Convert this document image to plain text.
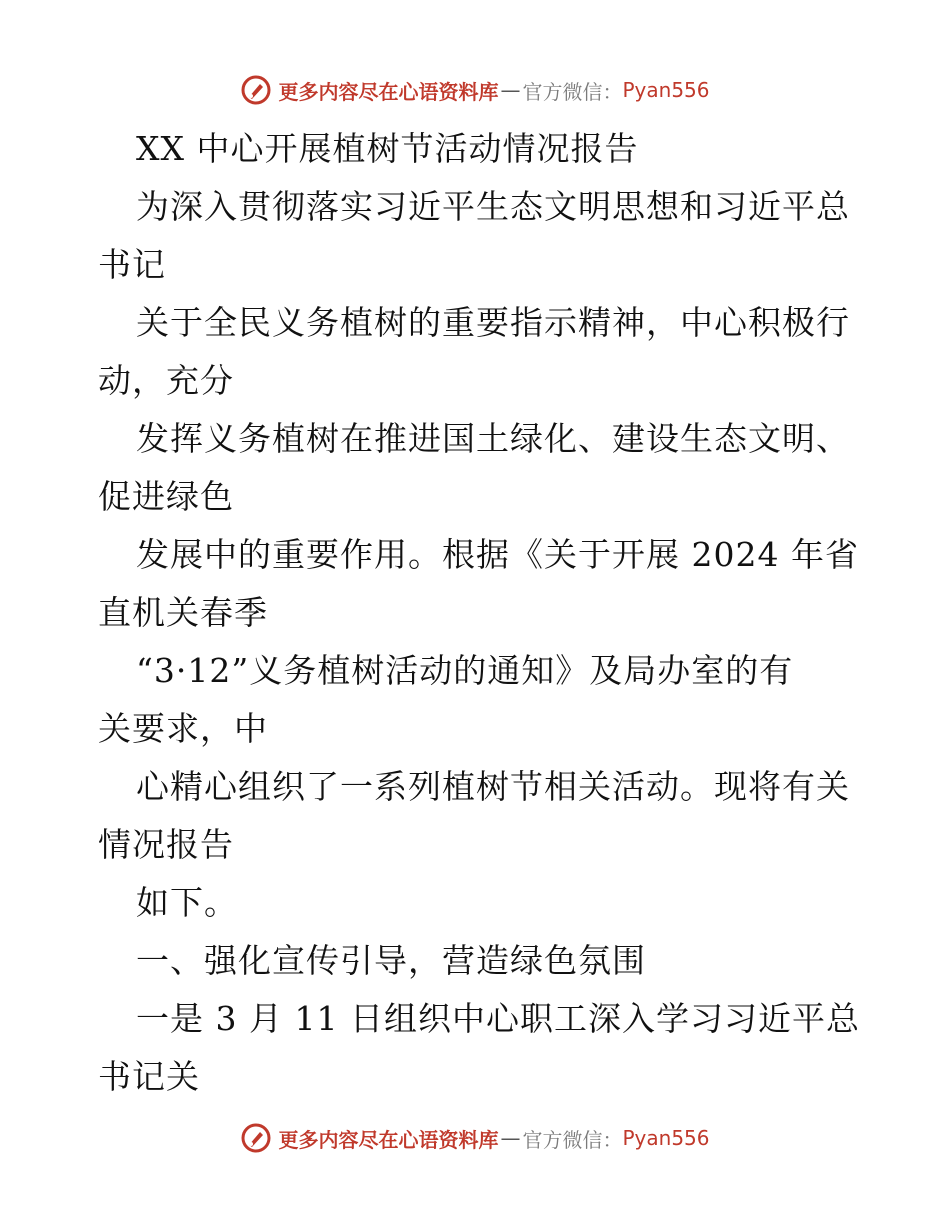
更多内容尽在心语资料库 — 官方微信： Pyan556
XX 中心开展植树节活动情况报告
为深入贯彻落实习近平生态文明思想和习近平总
书记
关于全民义务植树的重要指示精神，中心积极行
动，充分
发挥义务植树在推进国土绿化、建设生态文明、
促进绿色
发展中的重要作用。根据《关于开展 2024 年省
直机关春季
“3·12”义务植树活动的通知》及局办室的有
关要求，中
心精心组织了一系列植树节相关活动。现将有关
情况报告
如下。
一、强化宣传引导，营造绿色氛围
一是 3 月 11 日组织中心职工深入学习习近平总
书记关
更多内容尽在心语资料库 — 官方微信： Pyan556
